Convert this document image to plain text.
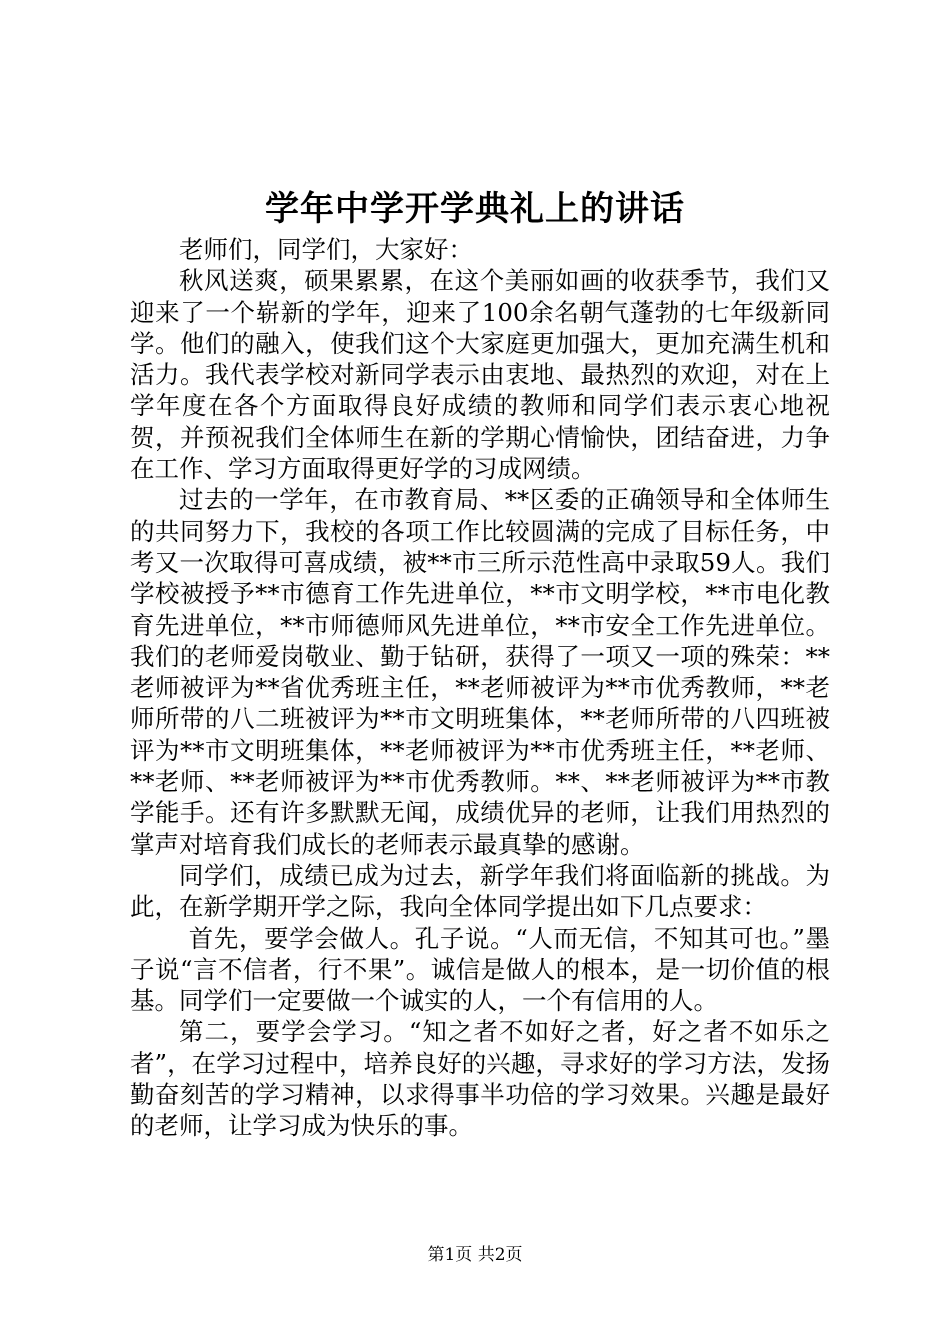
学年中学开学典礼上的讲话

老师们，同学们，大家好：

秋风送爽，硕果累累，在这个美丽如画的收获季节，我们又迎来了一个崭新的学年，迎来了100余名朝气蓬勃的七年级新同学。他们的融入，使我们这个大家庭更加强大，更加充满生机和活力。我代表学校对新同学表示由衷地、最热烈的欢迎，对在上学年度在各个方面取得良好成绩的教师和同学们表示衷心地祝贺，并预祝我们全体师生在新的学期心情愉快，团结奋进，力争在工作、学习方面取得更好学的习成网绩。

过去的一学年，在市教育局、**区委的正确领导和全体师生的共同努力下，我校的各项工作比较圆满的完成了目标任务，中考又一次取得可喜成绩，被**市三所示范性高中录取59人。我们学校被授予**市德育工作先进单位，**市文明学校，**市电化教育先进单位，**市师德师风先进单位，**市安全工作先进单位。我们的老师爱岗敬业、勤于钻研，获得了一项又一项的殊荣：**老师被评为**省优秀班主任，**老师被评为**市优秀教师，**老师所带的八二班被评为**市文明班集体，**老师所带的八四班被评为**市文明班集体，**老师被评为**市优秀班主任，**老师、**老师、**老师被评为**市优秀教师。**、**老师被评为**市教学能手。还有许多默默无闻，成绩优异的老师，让我们用热烈的掌声对培育我们成长的老师表示最真挚的感谢。

同学们，成绩已成为过去，新学年我们将面临新的挑战。为此，在新学期开学之际，我向全体同学提出如下几点要求：

首先，要学会做人。孔子说。“人而无信，不知其可也。”墨子说“言不信者，行不果”。诚信是做人的根本，是一切价值的根基。同学们一定要做一个诚实的人，一个有信用的人。

第二，要学会学习。“知之者不如好之者，好之者不如乐之者”，在学习过程中，培养良好的兴趣，寻求好的学习方法，发扬勤奋刻苦的学习精神，以求得事半功倍的学习效果。兴趣是最好的老师，让学习成为快乐的事。

第1页 共2页
